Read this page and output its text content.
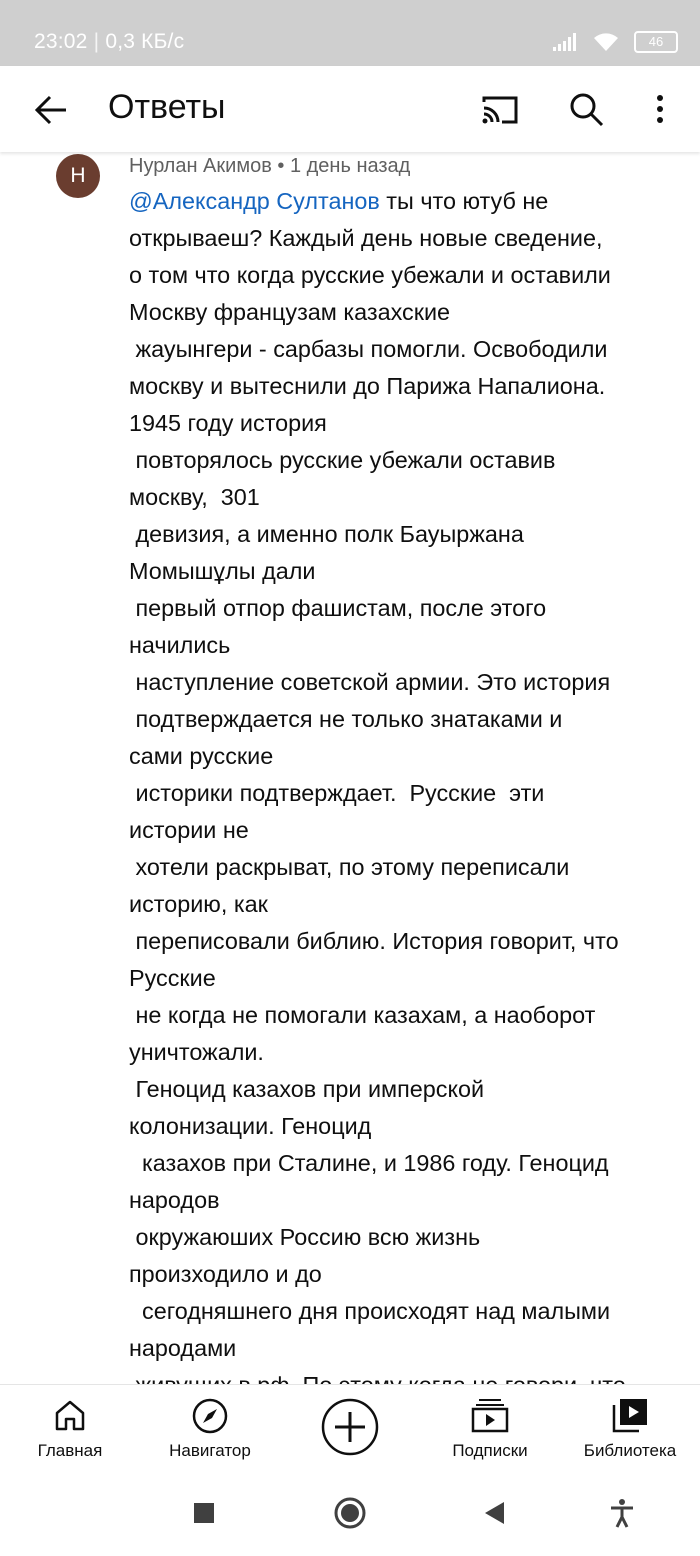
23:02 | 0,3 КБ/с	46
Ответы
Н Нурлан Акимов • 1 день назад

@Александр Султанов ты что ютуб не
открываеш? Каждый день новые сведение,
о том что когда русские убежали и оставили
Москву французам казахские
жауынгери - сарбазы помогли. Освободили
москву и вытеснили до Парижа Напалиона.
1945 году история
повторялось русские убежали оставив
москву,  301
девизия, а именно полк Бауыржана
Момышұлы дали
первый отпор фашистам, после этого
начились
наступление советской армии. Это история
подтверждается не только знатаками и
сами русские
историки подтверждает.  Русские  эти
истории не
хотели раскрыват, по этому переписали
историю, как
переписовали библию. История говорит, что
Русские
не когда не помогали казахам, а наоборот
уничтожали.
Геноцид казахов при имперской
колонизации. Геноцид
казахов при Сталине, и 1986 году. Геноцид
народов
окружаюших Россию всю жизнь
произходило и до
сегодняшнего дня происходят над малыми
народами

Главная	Навигатор	Подписки	Библиотека
